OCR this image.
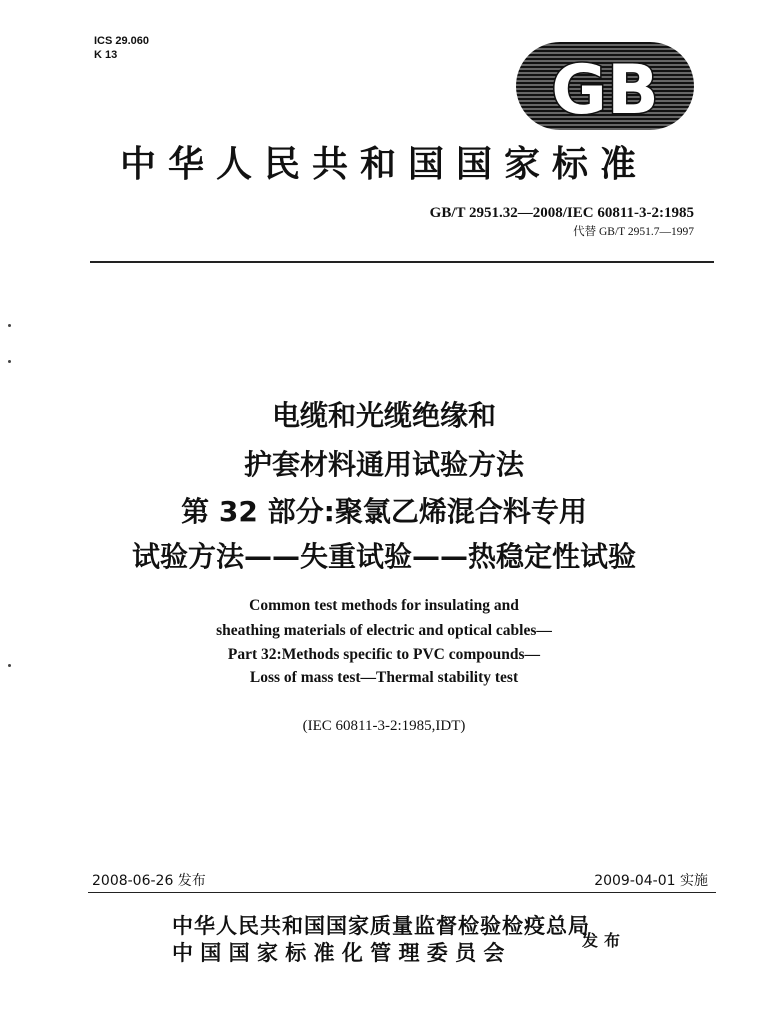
ICS 29.060
K 13	GB
中华人民共和国国家标准
GB/T 2951.32—2008/IEC 60811-3-2:1985
代替 GB/T 2951.7—1997
电缆和光缆绝缘和
护套材料通用试验方法
第 32 部分:聚氯乙烯混合料专用
试验方法——失重试验——热稳定性试验
Common test methods for insulating and
sheathing materials of electric and optical cables—
Part 32:Methods specific to PVC compounds—
Loss of mass test—Thermal stability test
(IEC 60811-3-2:1985,IDT)
2008-06-26 发布	2009-04-01 实施
中华人民共和国国家质量监督检验检疫总局
中 国 国 家 标 准 化 管 理 委 员 会	发布
